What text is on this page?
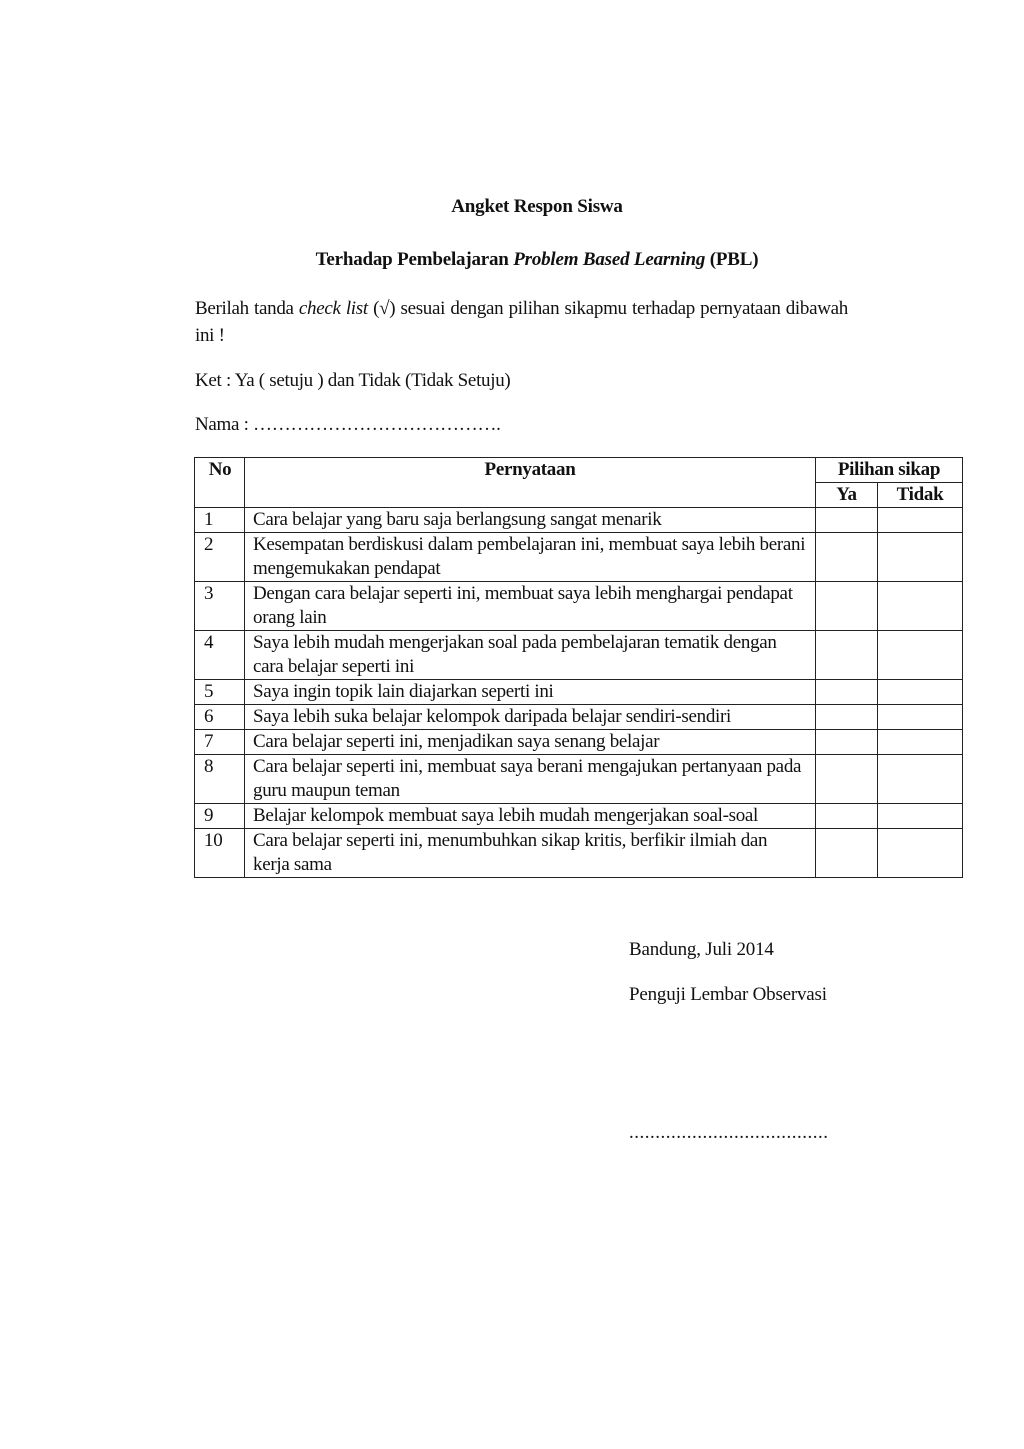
Angket Respon Siswa
Terhadap Pembelajaran Problem Based Learning (PBL)
Berilah tanda check list (√) sesuai dengan pilihan sikapmu terhadap pernyataan dibawah ini !
Ket : Ya ( setuju ) dan Tidak (Tidak Setuju)
Nama : ………………………………….
No	Pernyataan	Pilihan sikap	
		Ya	Tidak
1	Cara belajar yang baru saja berlangsung sangat menarik		
2	Kesempatan berdiskusi dalam pembelajaran ini, membuat saya lebih berani mengemukakan pendapat		
3	Dengan cara belajar seperti ini, membuat saya lebih menghargai pendapat orang lain		
4	Saya lebih mudah mengerjakan soal pada pembelajaran tematik dengan cara belajar seperti ini		
5	Saya ingin topik lain diajarkan seperti ini		
6	Saya lebih suka belajar kelompok daripada belajar sendiri-sendiri		
7	Cara belajar seperti ini, menjadikan saya senang belajar		
8	Cara belajar seperti ini, membuat saya berani mengajukan pertanyaan pada guru maupun teman		
9	Belajar kelompok membuat saya lebih mudah mengerjakan soal-soal		
10	Cara belajar seperti ini, menumbuhkan sikap kritis, berfikir ilmiah dan kerja sama		
Bandung, Juli 2014
Penguji Lembar Observasi
......................................
